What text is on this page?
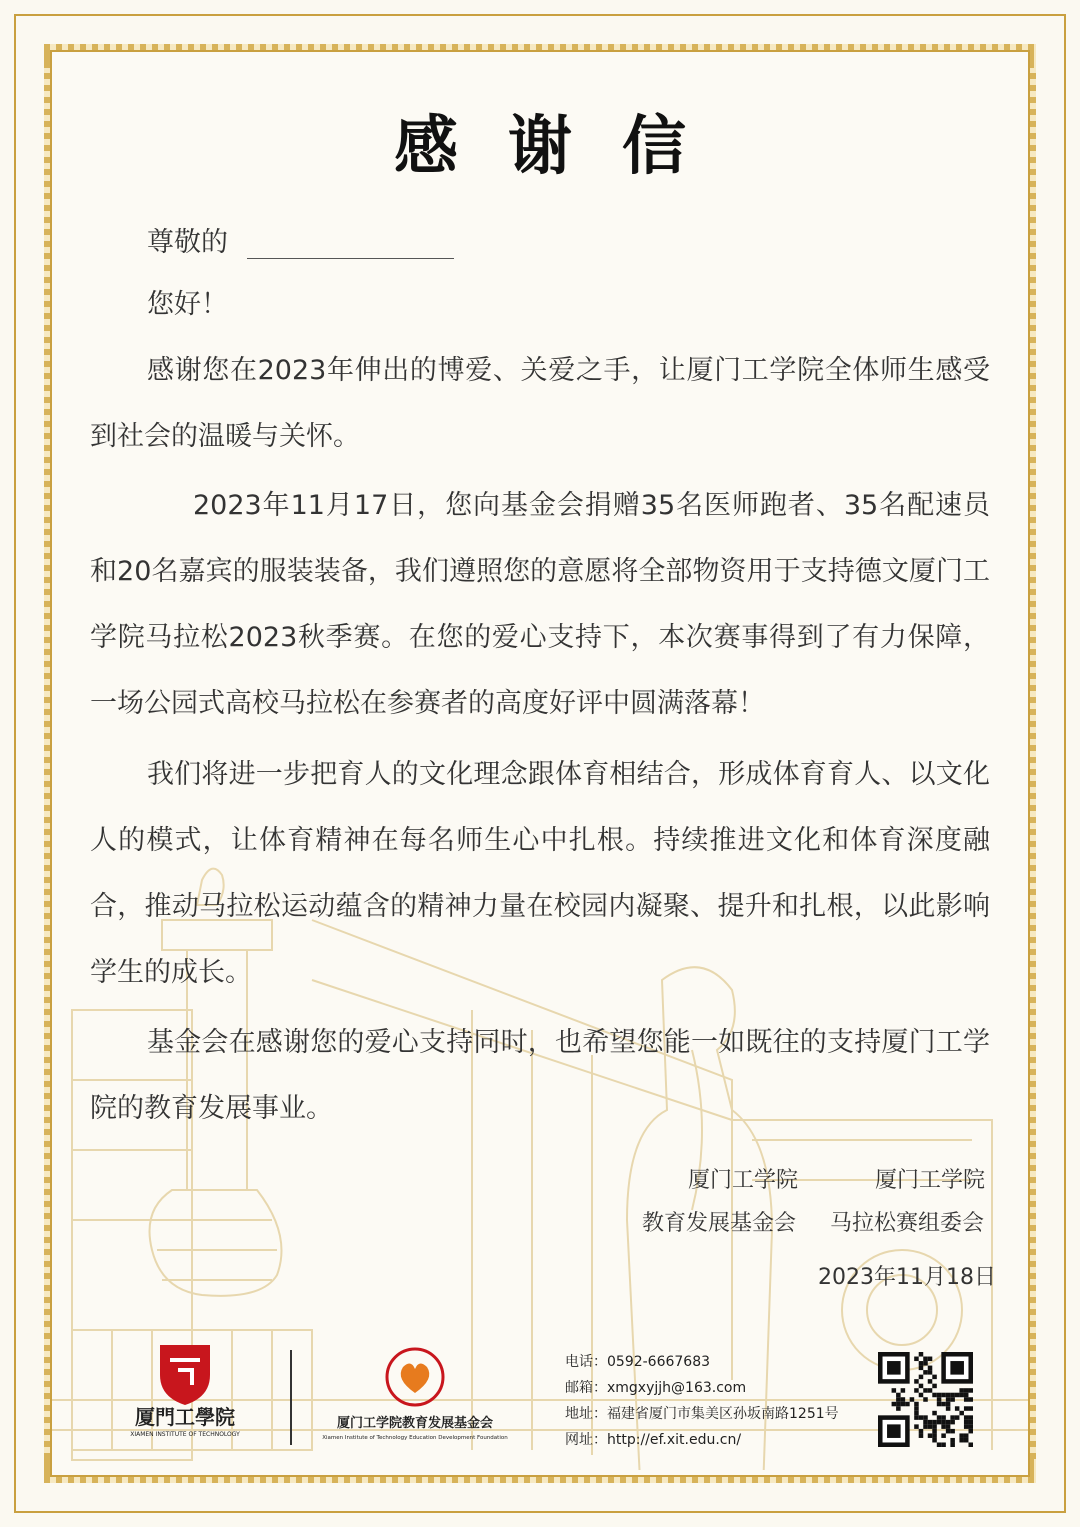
感谢信
尊敬的
您好！
感谢您在2023年伸出的博爱、关爱之手，让厦门工学院全体师生感受到社会的温暖与关怀。
2023年11月17日，您向基金会捐赠35名医师跑者、35名配速员和20名嘉宾的服装装备，我们遵照您的意愿将全部物资用于支持德文厦门工学院马拉松2023秋季赛。在您的爱心支持下，本次赛事得到了有力保障，一场公园式高校马拉松在参赛者的高度好评中圆满落幕！
我们将进一步把育人的文化理念跟体育相结合，形成体育育人、以文化人的模式，让体育精神在每名师生心中扎根。持续推进文化和体育深度融合，推动马拉松运动蕴含的精神力量在校园内凝聚、提升和扎根，以此影响学生的成长。
基金会在感谢您的爱心支持同时，也希望您能一如既往的支持厦门工学院的教育发展事业。
厦门工学院
教育发展基金会
厦门工学院
马拉松赛组委会
2023年11月18日
厦門工學院
XIAMEN INSTITUTE OF TECHNOLOGY
厦门工学院教育发展基金会
Xiamen Institute of Technology Education Development Foundation
电话：0592-6667683
邮箱：xmgxyjjh@163.com
地址：福建省厦门市集美区孙坂南路1251号
网址：http://ef.xit.edu.cn/
